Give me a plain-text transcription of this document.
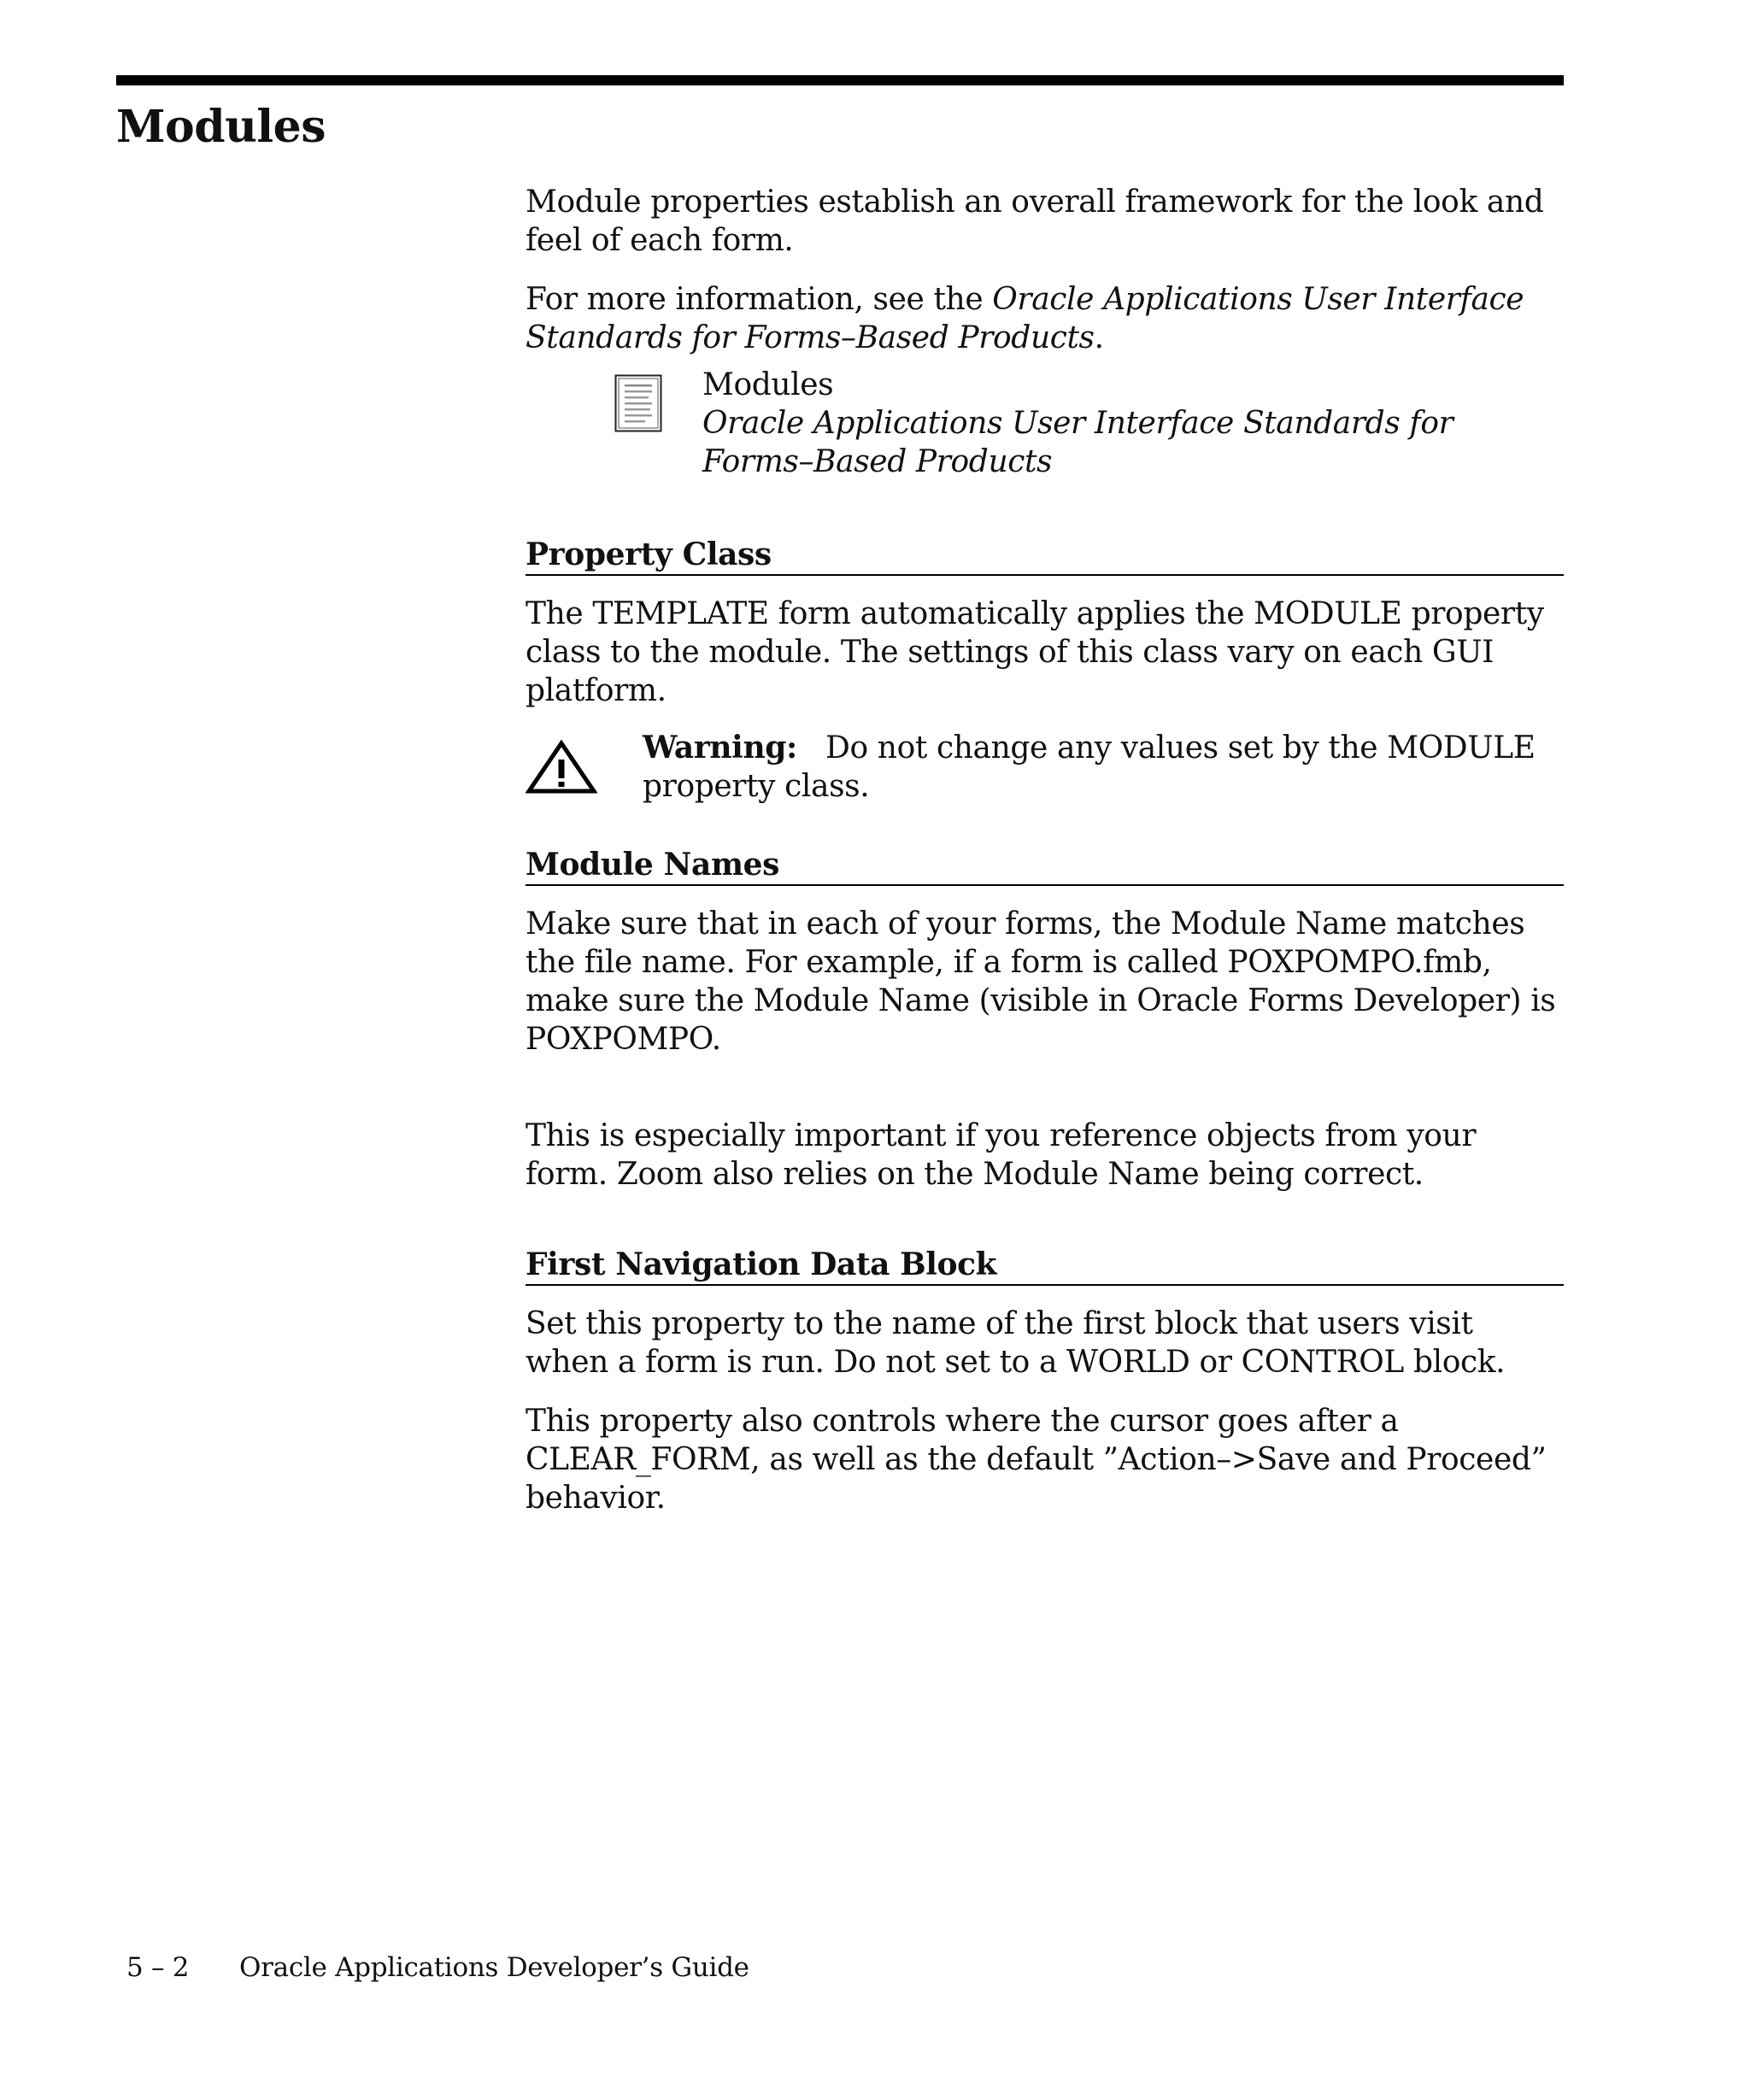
Modules

Module properties establish an overall framework for the look and feel of each form.

For more information, see the Oracle Applications User Interface Standards for Forms–Based Products.

Modules
Oracle Applications User Interface Standards for Forms–Based Products
Property Class

The TEMPLATE form automatically applies the MODULE property class to the module. The settings of this class vary on each GUI platform.

Warning:   Do not change any values set by the MODULE property class.

Module Names

Make sure that in each of your forms, the Module Name matches the file name. For example, if a form is called POXPOMPO.fmb, make sure the Module Name (visible in Oracle Forms Developer) is POXPOMPO.

This is especially important if you reference objects from your form. Zoom also relies on the Module Name being correct.

First Navigation Data Block

Set this property to the name of the first block that users visit when a form is run. Do not set to a WORLD or CONTROL block.

This property also controls where the cursor goes after a CLEAR_FORM, as well as the default ”Action–>Save and Proceed” behavior.

5 – 2 Oracle Applications Developer’s Guide
